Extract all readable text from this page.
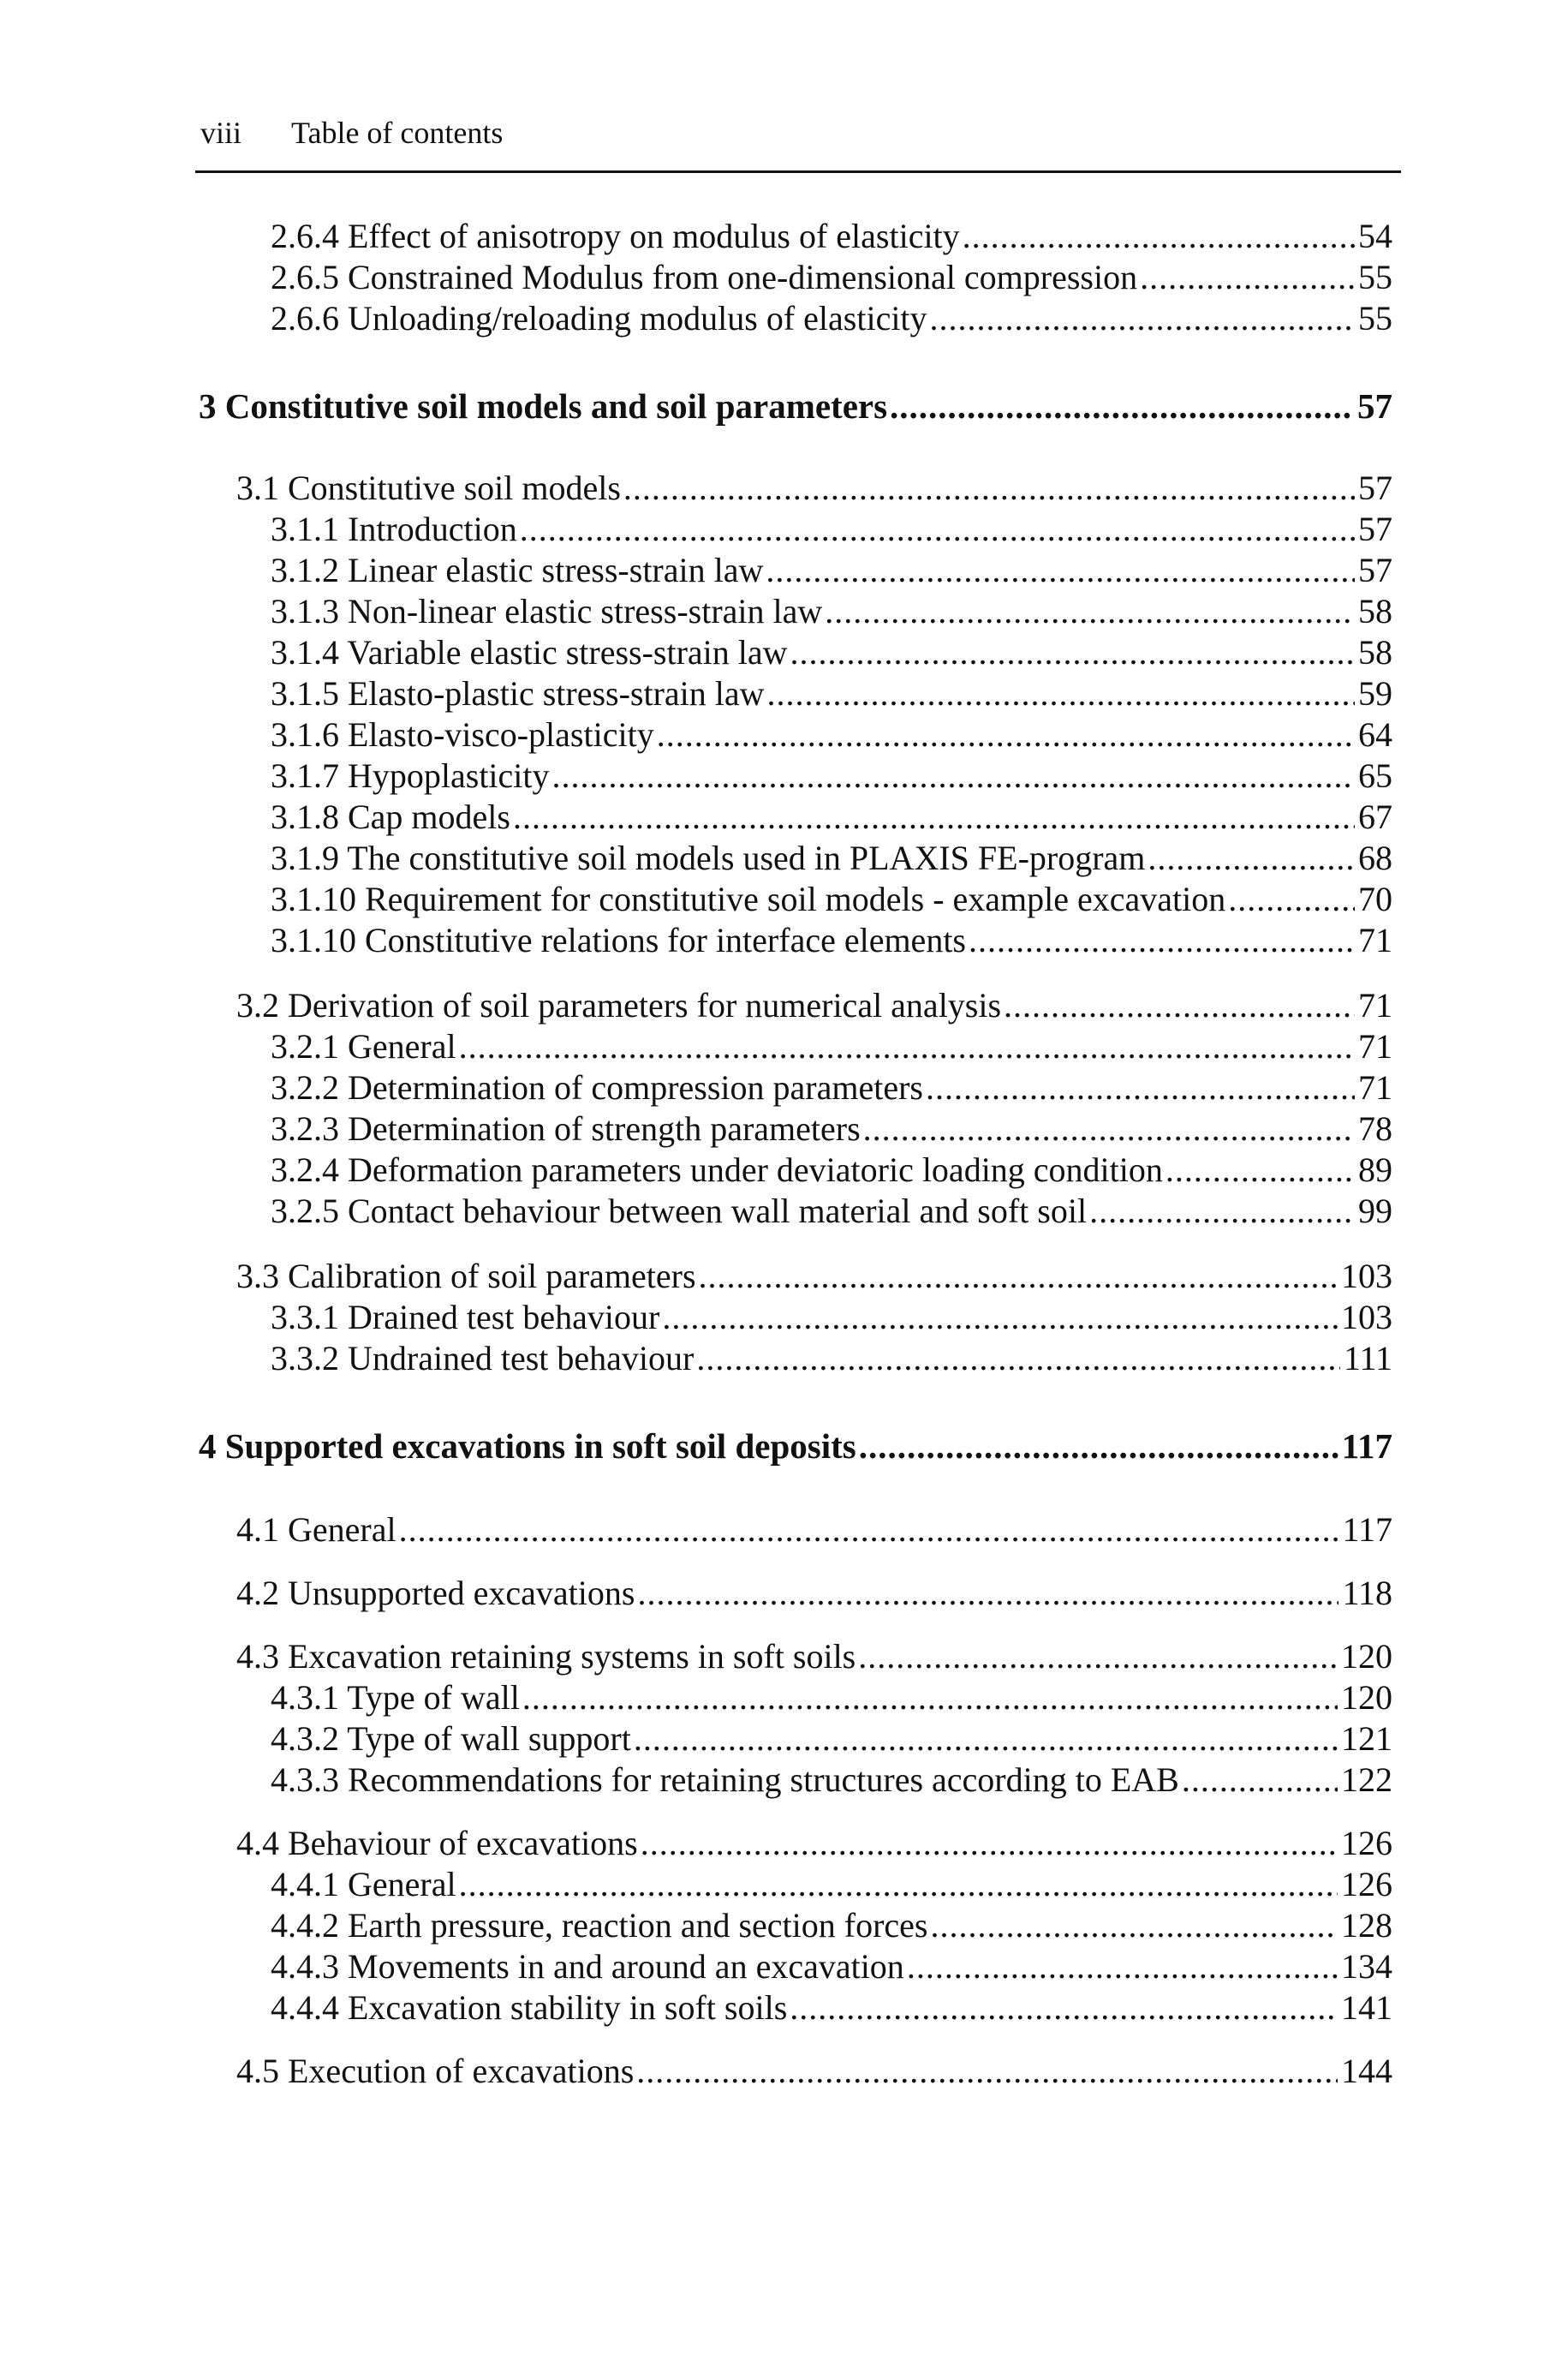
viii Table of contents
2.6.4 Effect of anisotropy on modulus of elasticity .....	54
2.6.5 Constrained Modulus from one-dimensional compression .....	55
2.6.6 Unloading/reloading modulus of elasticity .....	55
3 Constitutive soil models and soil parameters .....	57
3.1 Constitutive soil models .....	57
3.1.1 Introduction .....	57
3.1.2 Linear elastic stress-strain law .....	57
3.1.3 Non-linear elastic stress-strain law .....	58
3.1.4 Variable elastic stress-strain law .....	58
3.1.5 Elasto-plastic stress-strain law .....	59
3.1.6 Elasto-visco-plasticity .....	64
3.1.7 Hypoplasticity .....	65
3.1.8 Cap models .....	67
3.1.9 The constitutive soil models used in PLAXIS FE-program .....	68
3.1.10 Requirement for constitutive soil models - example excavation .....	70
3.1.10 Constitutive relations for interface elements .....	71
3.2 Derivation of soil parameters for numerical analysis .....	71
3.2.1 General .....	71
3.2.2 Determination of compression parameters .....	71
3.2.3 Determination of strength parameters .....	78
3.2.4 Deformation parameters under deviatoric loading condition .....	89
3.2.5 Contact behaviour between wall material and soft soil .....	99
3.3 Calibration of soil parameters .....	103
3.3.1 Drained test behaviour .....	103
3.3.2 Undrained test behaviour .....	111
4 Supported excavations in soft soil deposits .....	117
4.1 General .....	117
4.2 Unsupported excavations .....	118
4.3 Excavation retaining systems in soft soils .....	120
4.3.1 Type of wall .....	120
4.3.2 Type of wall support .....	121
4.3.3 Recommendations for retaining structures according to EAB .....	122
4.4 Behaviour of excavations .....	126
4.4.1 General .....	126
4.4.2 Earth pressure, reaction and section forces .....	128
4.4.3 Movements in and around an excavation .....	134
4.4.4 Excavation stability in soft soils .....	141
4.5 Execution of excavations .....	144
